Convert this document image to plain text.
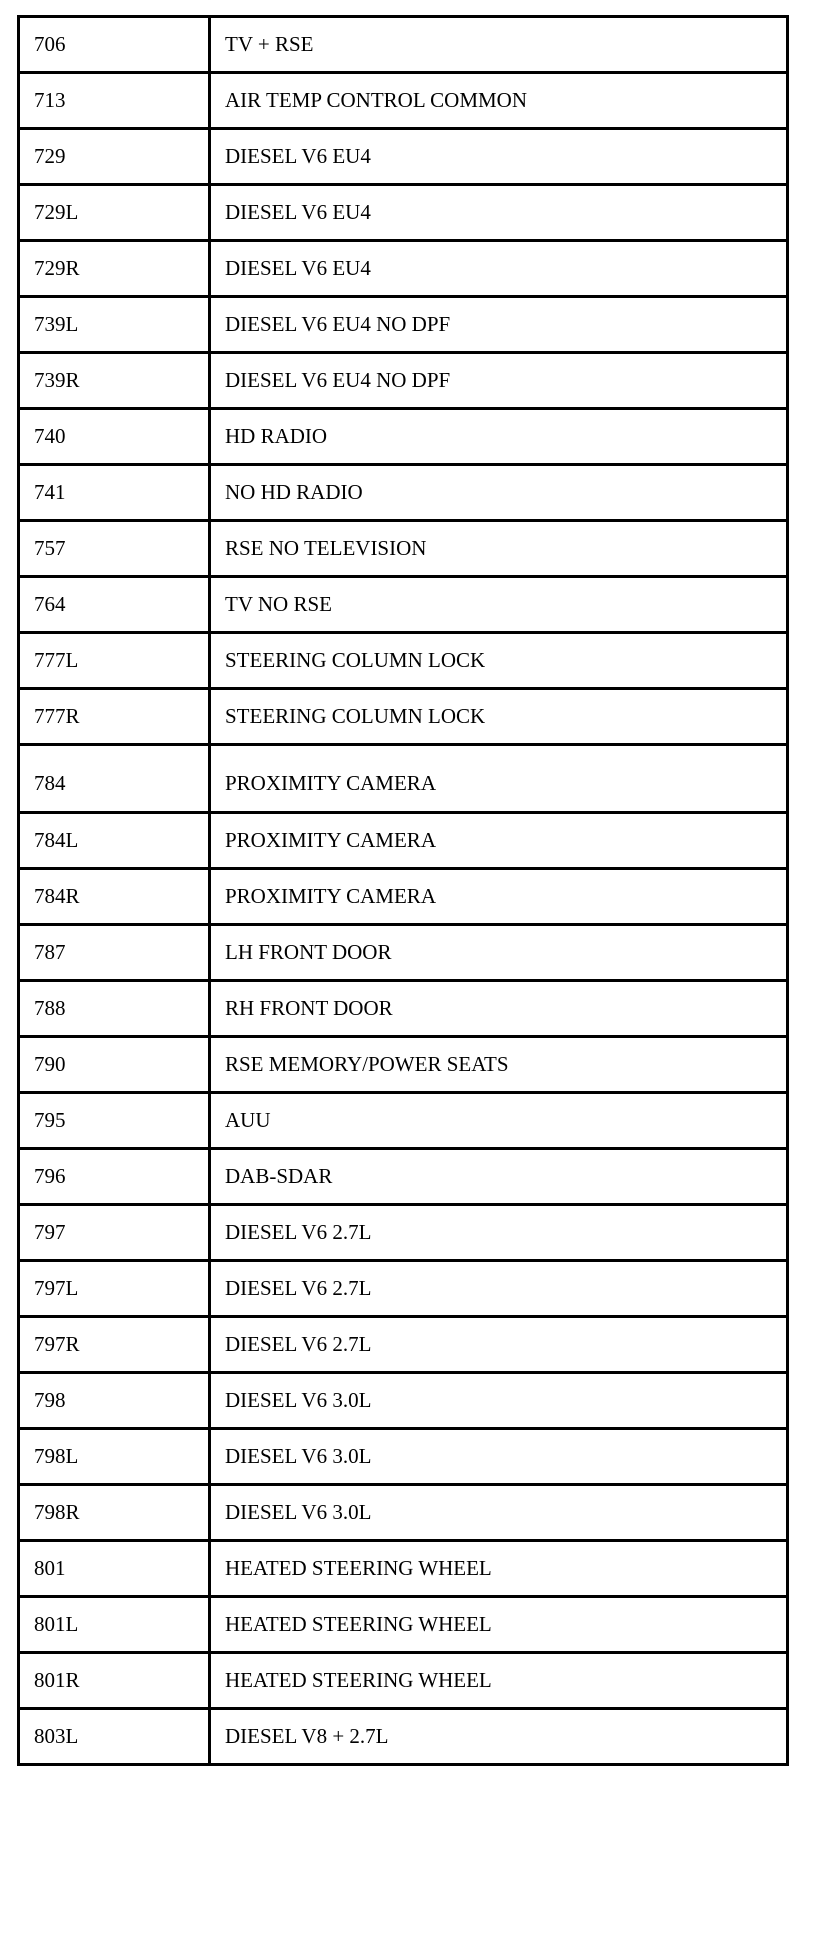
706	TV + RSE
713	AIR TEMP CONTROL COMMON
729	DIESEL V6 EU4
729L	DIESEL V6 EU4
729R	DIESEL V6 EU4
739L	DIESEL V6 EU4 NO DPF
739R	DIESEL V6 EU4 NO DPF
740	HD RADIO
741	NO HD RADIO
757	RSE NO TELEVISION
764	TV NO RSE
777L	STEERING COLUMN LOCK
777R	STEERING COLUMN LOCK
784	PROXIMITY CAMERA
784L	PROXIMITY CAMERA
784R	PROXIMITY CAMERA
787	LH FRONT DOOR
788	RH FRONT DOOR
790	RSE MEMORY/POWER SEATS
795	AUU
796	DAB-SDAR
797	DIESEL V6 2.7L
797L	DIESEL V6 2.7L
797R	DIESEL V6 2.7L
798	DIESEL V6 3.0L
798L	DIESEL V6 3.0L
798R	DIESEL V6 3.0L
801	HEATED STEERING WHEEL
801L	HEATED STEERING WHEEL
801R	HEATED STEERING WHEEL
803L	DIESEL V8 + 2.7L
